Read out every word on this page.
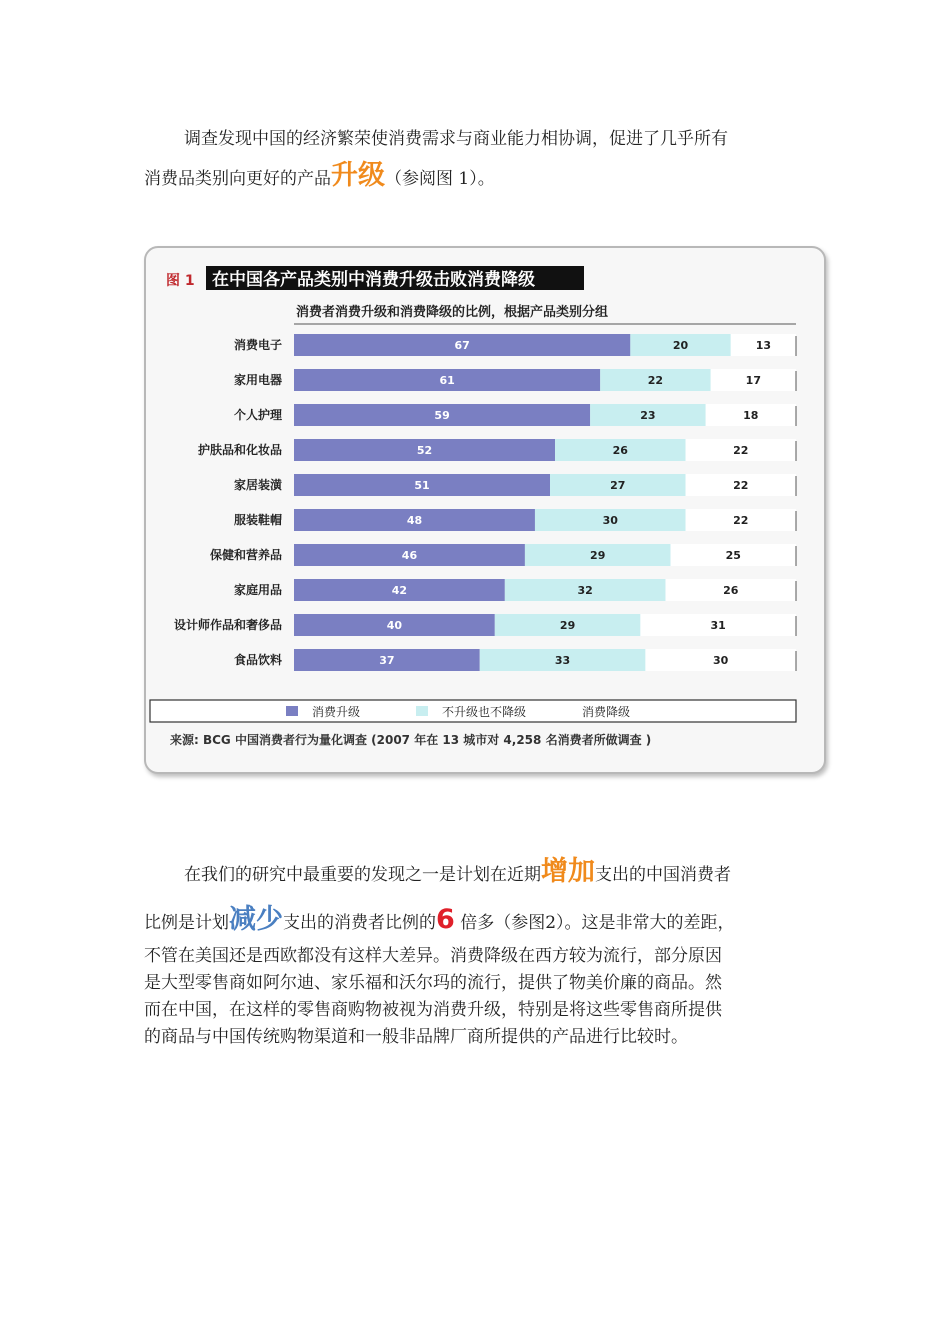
调查发现中国的经济繁荣使消费需求与商业能力相协调，促进了几乎所有
消费品类别向更好的产品升级（参阅图 1）。
图 1 在中国各产品类别中消费升级击败消费降级
消费者消费升级和消费降级的比例，根据产品类别分组
消费电子	67	20	13
家用电器	61	22	17
个人护理	59	23	18
护肤品和化妆品	52	26	22
家居装潢	51	27	22
服装鞋帽	48	30	22
保健和营养品	46	29	25
家庭用品	42	32	26
设计师作品和奢侈品	40	29	31
食品饮料	37	33	30
消费升级	不升级也不降级	消费降级
来源: BCG 中国消费者行为量化调查 (2007 年在 13 城市对 4,258 名消费者所做调查 )
在我们的研究中最重要的发现之一是计划在近期增加支出的中国消费者
比例是计划减少支出的消费者比例的6 倍多（参图2）。这是非常大的差距，
不管在美国还是西欧都没有这样大差异。消费降级在西方较为流行，部分原因
是大型零售商如阿尔迪、家乐福和沃尔玛的流行，提供了物美价廉的商品。然
而在中国，在这样的零售商购物被视为消费升级，特别是将这些零售商所提供
的商品与中国传统购物渠道和一般非品牌厂商所提供的产品进行比较时。
